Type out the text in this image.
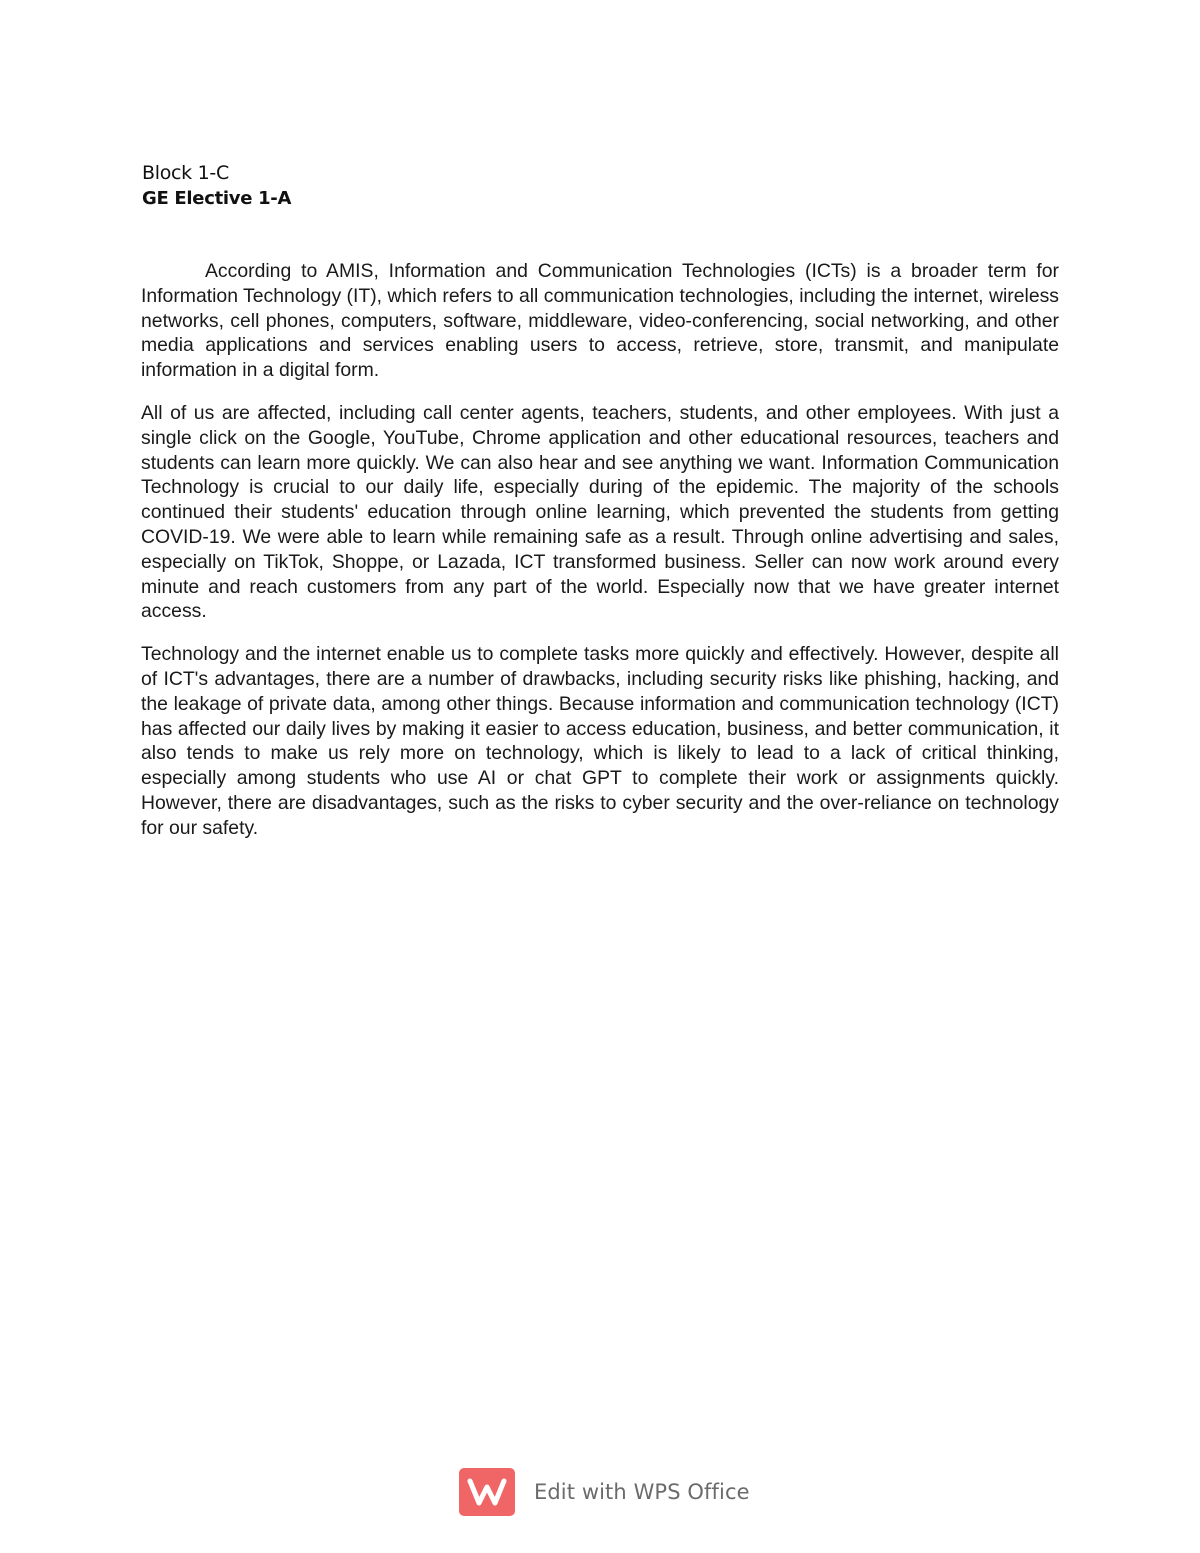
Block 1-C
GE Elective 1-A

According to AMIS, Information and Communication Technologies (ICTs) is a broader term for Information Technology (IT), which refers to all communication technologies, including the internet, wireless networks, cell phones, computers, software, middleware, video-conferencing, social networking, and other media applications and services enabling users to access, retrieve, store, transmit, and manipulate information in a digital form.

All of us are affected, including call center agents, teachers, students, and other employees. With just a single click on the Google, YouTube, Chrome application and other educational resources, teachers and students can learn more quickly. We can also hear and see anything we want. Information Communication Technology is crucial to our daily life, especially during of the epidemic. The majority of the schools continued their students' education through online learning, which prevented the students from getting COVID-19. We were able to learn while remaining safe as a result. Through online advertising and sales, especially on TikTok, Shoppe, or Lazada, ICT transformed business. Seller can now work around every minute and reach customers from any part of the world. Especially now that we have greater internet access.

Technology and the internet enable us to complete tasks more quickly and effectively. However, despite all of ICT's advantages, there are a number of drawbacks, including security risks like phishing, hacking, and the leakage of private data, among other things. Because information and communication technology (ICT) has affected our daily lives by making it easier to access education, business, and better communication, it also tends to make us rely more on technology, which is likely to lead to a lack of critical thinking, especially among students who use AI or chat GPT to complete their work or assignments quickly. However, there are disadvantages, such as the risks to cyber security and the over-reliance on technology for our safety.

Edit with WPS Office
